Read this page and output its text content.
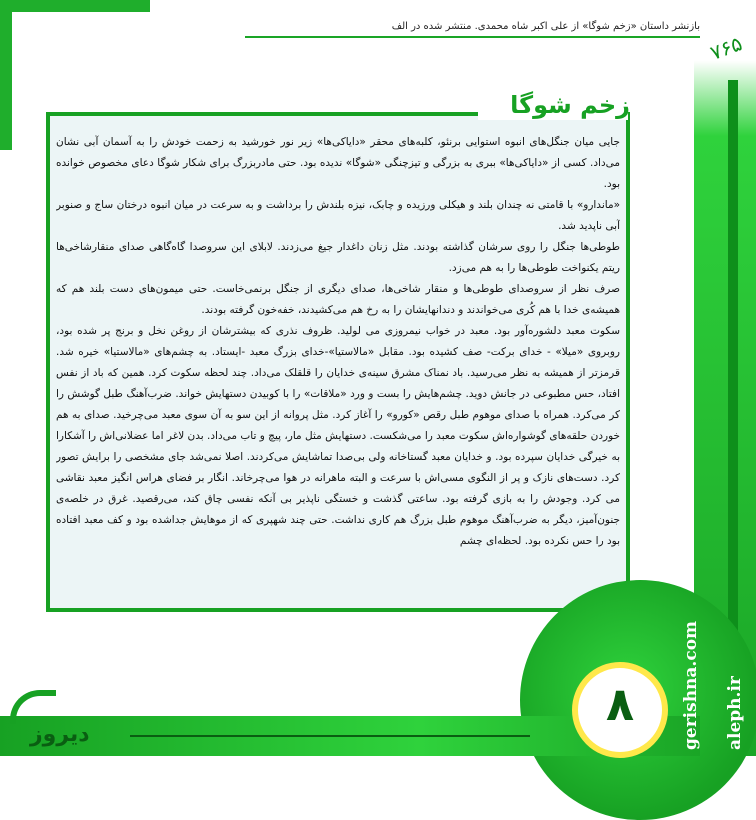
بازنشر داستان «زخم شوگا» از علی اکبر شاه محمدی. منتشر شده در الف
۷۶۵
زخم شوگا

جایی میان جنگل‌های انبوه استوایی برنئو، کلبه‌های محقر «دایاکی‌ها» زیر نور خورشید به زحمت خودش را به آسمان آبی نشان می‌داد. کسی از «دایاکی‌ها» ببری به بزرگی و تیزچنگی «شوگا» ندیده بود. حتی مادربزرگ برای شکار شوگا دعای مخصوص خوانده بود.

«ماندارو» با قامتی نه چندان بلند و هیکلی ورزیده و چابک، نیزه بلندش را برداشت و به سرعت در میان انبوه درختان ساج و صنوبر آبی ناپدید شد.

طوطی‌ها جنگل را روی سرشان گذاشته بودند. مثل زنان داغدار جیغ می‌زدند. لابلای این سروصدا گاه‌گاهی صدای منقارشاخی‌ها ریتم یکنواخت طوطی‌ها را به هم می‌زد.

صرف نظر از سروصدای طوطی‌ها و منقار شاخی‌ها، صدای دیگری از جنگل برنمی‌خاست. حتی میمون‌های دست بلند هم که همیشه‌ی خدا با هم کُری می‌خواندند و دندانهایشان را به رخ هم می‌کشیدند، خفه‌خون گرفته بودند.

سکوت معبد دلشوره‌آور بود. معبد در خواب نیمروزی می لولید. ظروف نذری که بیشترشان از روغن نخل و برنج پر شده بود، روبروی «میلا» - خدای برکت- صف کشیده بود. مقابل «مالاستیا»-خدای بزرگ معبد -ایستاد. به چشم‌های «مالاستیا» خیره شد. قرمزتر از همیشه به نظر می‌رسید. باد نمناک مشرق سینه‌ی خدایان را قلقلک می‌داد. چند لحظه سکوت کرد. همین که باد از نفس افتاد، حس مطبوعی در جانش دوید. چشم‌هایش را بست و ورد «ملاقات» را با کوبیدن دستهایش خواند. ضرب‌آهنگ طبل گوشش را کر می‌کرد. همراه با صدای موهوم طبل رقص «کورو» را آغاز کرد. مثل پروانه از این سو به آن سوی معبد می‌چرخید. صدای به هم خوردن حلقه‌های گوشواره‌اش سکوت معبد را می‌شکست. دستهایش مثل مار، پیچ و تاب می‌داد. بدن لاغر اما عضلانی‌اش را آشکارا به خیرگی خدایان سپرده بود. و خدایان معبد گستاخانه ولی بی‌صدا تماشایش می‌کردند. اصلا نمی‌شد جای مشخصی را برایش تصور کرد. دست‌های نازک و پر از النگوی مسی‌اش با سرعت و البته ماهرانه در هوا می‌چرخاند. انگار بر فضای هراس انگیز معبد نقاشی می کرد. وجودش را به بازی گرفته بود. ساعتی گذشت و خستگی ناپذیر بی آنکه نفسی چاق کند، می‌رقصید. غرق در خلصه‌ی جنون‌آمیز، دیگر به ضرب‌آهنگ موهوم طبل بزرگ هم کاری نداشت. حتی چند شهپری که از موهایش جداشده بود و کف معبد افتاده بود را حس نکرده بود. لحظه‌ای چشم

دیروز
۸	gerishna.com aleph.ir
